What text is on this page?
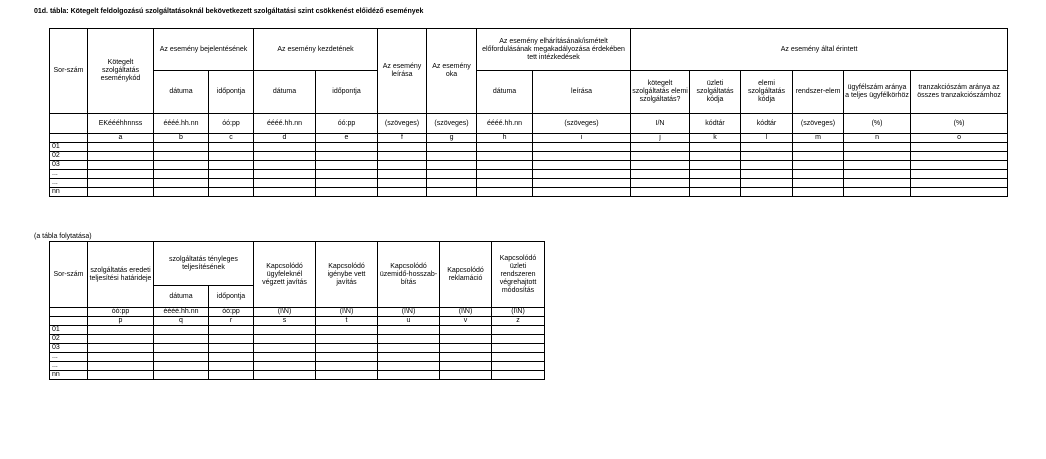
01d. tábla: Kötegelt feldolgozású szolgáltatásoknál bekövetkezett szolgáltatási szint csökkenést előidéző események
Sor-szám	Kötegelt szolgáltatás eseménykód	Az esemény bejelentésének		Az esemény kezdetének		Az esemény leírása	Az esemény oka	Az esemény elhárításának/ismételt előfordulásának megakadályozása érdekében tett intézkedések		Az esemény által érintett					

		dátuma	időpontja	dátuma	időpontja			dátuma	leírása	kötegelt szolgáltatás elemi szolgáltatás?	üzleti szolgáltatás kódja	elemi szolgáltatás kódja	rendszer-elem	ügyfélszám aránya a teljes ügyfélkörhöz	tranzakciószám aránya az összes tranzakciószámhoz
	EKéééhhnnss	éééé.hh.nn	óó:pp	éééé.hh.nn	óó:pp	(szöveges)	(szöveges)	éééé.hh.nn	(szöveges)	I/N	kódtár	kódtár	(szöveges)	(%)	(%)
	a	b	c	d	e	f	g	h	i	j	k	l	m	n	o
01															
02															
03															
...															
...															
nn															
(a tábla folytatása)
Sor-szám	szolgáltatás eredeti teljesítési határideje	szolgáltatás tényleges teljesítésének		Kapcsolódó ügyfeleknél végzett javítás	Kapcsolódó igénybe vett javítás	Kapcsolódó üzemidő-hosszab-bítás	Kapcsolódó reklamáció	Kapcsolódó üzleti rendszeren végrehajtott módosítás

		dátuma	időpontja					
	óó:pp	éééé.hh.nn	óó:pp	(I\N)	(I\N)	(I\N)	(I\N)	(I\N)
	p	q	r	s	t	u	v	z
01								
02								
03								
...								
...								
nn								
